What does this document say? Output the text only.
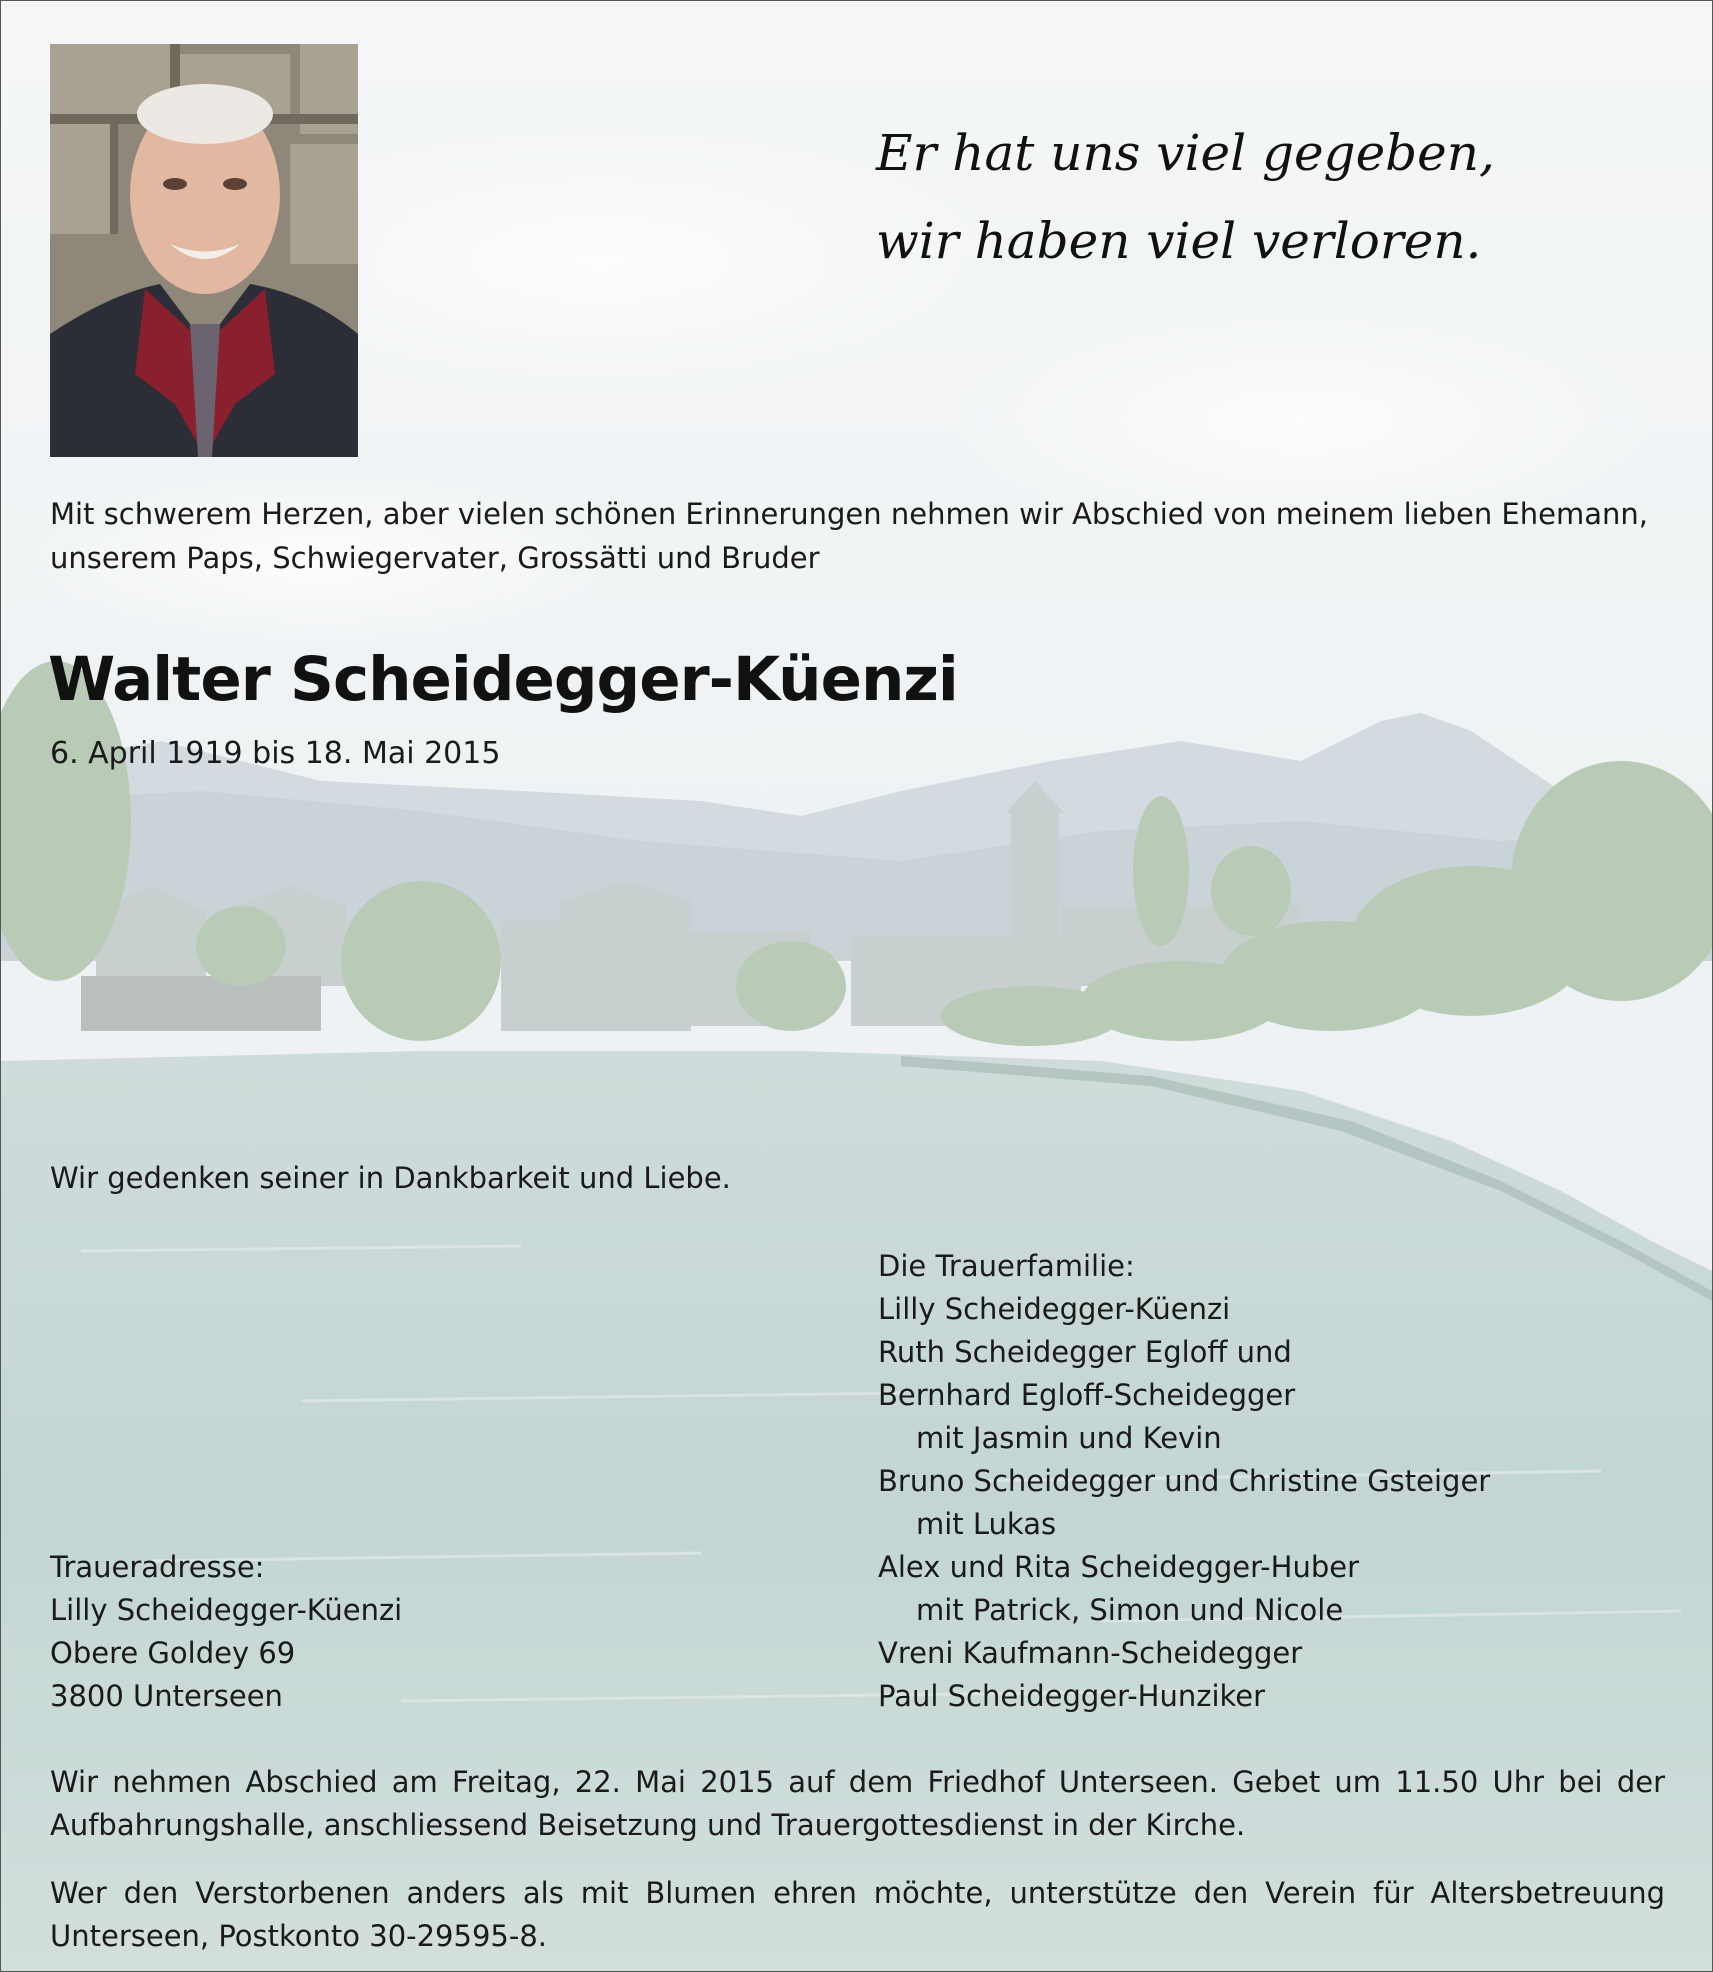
Er hat uns viel gegeben,
wir haben viel verloren.
Mit schwerem Herzen, aber vielen schönen Erinnerungen nehmen wir Abschied von meinem lieben Ehemann, unserem Paps, Schwiegervater, Grossätti und Bruder
Walter Scheidegger-Küenzi
6. April 1919 bis 18. Mai 2015
Wir gedenken seiner in Dankbarkeit und Liebe.
Die Trauerfamilie:
Lilly Scheidegger-Küenzi
Ruth Scheidegger Egloff und
Bernhard Egloff-Scheidegger
mit Jasmin und Kevin
Bruno Scheidegger und Christine Gsteiger
mit Lukas
Alex und Rita Scheidegger-Huber
mit Patrick, Simon und Nicole
Vreni Kaufmann-Scheidegger
Paul Scheidegger-Hunziker
Traueradresse:
Lilly Scheidegger-Küenzi
Obere Goldey 69
3800 Unterseen
Wir nehmen Abschied am Freitag, 22. Mai 2015 auf dem Friedhof Unterseen. Gebet um 11.50 Uhr bei der Aufbahrungshalle, anschliessend Beisetzung und Trauergottesdienst in der Kirche.
Wer den Verstorbenen anders als mit Blumen ehren möchte, unterstütze den Verein für Altersbetreuung Unterseen, Postkonto 30-29595-8.
